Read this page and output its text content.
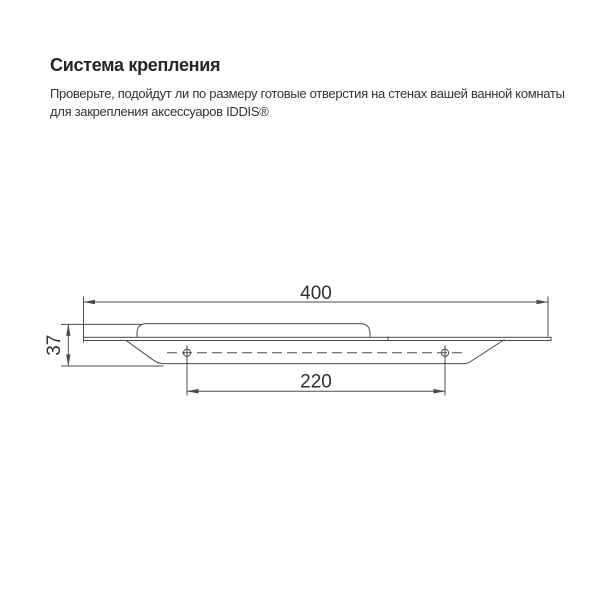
Система крепления

Проверьте, подойдут ли по размеру готовые отверстия на стенах вашей ванной комнаты
для закрепления аксессуаров IDDIS®

400
37
220
